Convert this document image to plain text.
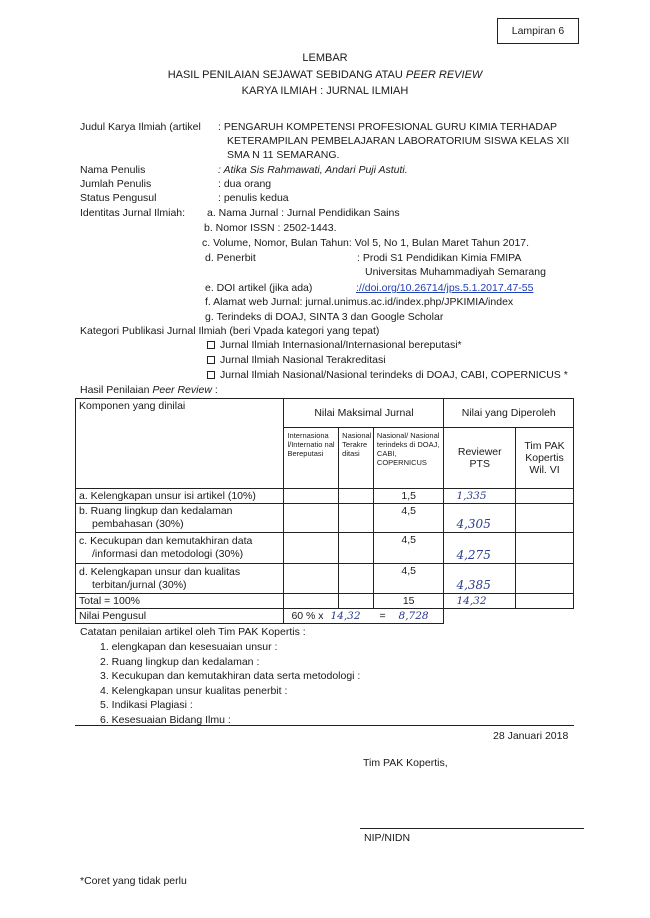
Lampiran 6
LEMBAR
HASIL PENILAIAN SEJAWAT SEBIDANG ATAU PEER REVIEW
KARYA ILMIAH : JURNAL ILMIAH
Judul Karya Ilmiah (artikel : PENGARUH KOMPETENSI PROFESIONAL GURU KIMIA TERHADAP
KETERAMPILAN PEMBELAJARAN LABORATORIUM SISWA KELAS XII
SMA N 11 SEMARANG.
Nama Penulis	: Atika Sis Rahmawati, Andari Puji Astuti.
Jumlah Penulis	: dua orang
Status Pengusul	: penulis kedua
Identitas Jurnal Ilmiah: a. Nama Jurnal : Jurnal Pendidikan Sains
b. Nomor ISSN : 2502-1443.
c. Volume, Nomor, Bulan Tahun: Vol 5, No 1, Bulan Maret Tahun 2017.
d. Penerbit	: Prodi S1 Pendidikan Kimia FMIPA
Universitas Muhammadiyah Semarang
e. DOI artikel (jika ada)	://doi.org/10.26714/jps.5.1.2017.47-55
f. Alamat web Jurnal: jurnal.unimus.ac.id/index.php/JPKIMIA/index
g. Terindeks di DOAJ, SINTA 3 dan Google Scholar
Kategori Publikasi Jurnal Ilmiah (beri Vpada kategori yang tepat)
Jurnal Ilmiah Internasional/Internasional bereputasi*
Jurnal Ilmiah Nasional Terakreditasi
Jurnal Ilmiah Nasional/Nasional terindeks di DOAJ, CABI, COPERNICUS *
Hasil Penilaian Peer Review :
Komponen yang dinilai	Nilai Maksimal Jurnal			Nilai yang Diperoleh	
	Internasiona l/Internatio nal Bereputasi	Nasional Terakre ditasi	Nasional/ Nasional terindeks di DOAJ, CABI, COPERNICUS	Reviewer PTS	Tim PAK Kopertis Wil. VI
a. Kelengkapan unsur isi artikel (10%)			1,5	1,335	
b. Ruang lingkup dan kedalaman
pembahasan (30%)			4,5	4,305	
c. Kecukupan dan kemutakhiran data
/informasi dan metodologi (30%)			4,5	4,275	
d. Kelengkapan unsur dan kualitas
terbitan/jurnal (30%)			4,5	4,385	
Total = 100%			15	14,32	
Nilai Pengusul	60 % x 14,32 = 8,728				
Catatan penilaian artikel oleh Tim PAK Kopertis :
1. elengkapan dan kesesuaian unsur :
2. Ruang lingkup dan kedalaman :
3. Kecukupan dan kemutakhiran data serta metodologi :
4. Kelengkapan unsur kualitas penerbit :
5. Indikasi Plagiasi :
6. Kesesuaian Bidang Ilmu :
28 Januari 2018
Tim PAK Kopertis,
NIP/NIDN
*Coret yang tidak perlu
